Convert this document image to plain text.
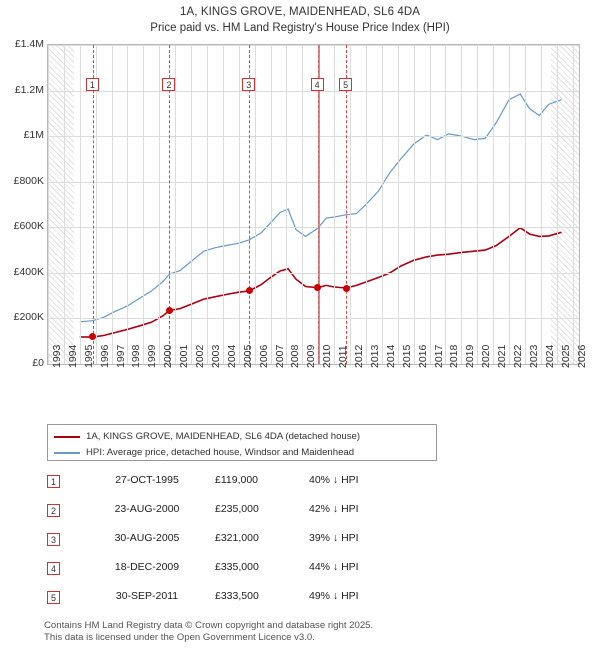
1A, KINGS GROVE, MAIDENHEAD, SL6 4DA
Price paid vs. HM Land Registry's House Price Index (HPI)
£0
£200K
£400K
£600K
£800K
£1M
£1.2M
£1.4M
1993 1994 1995 1996 1997 1998 1999 2000 2001 2002 2003 2004 2005 2006 2007 2008 2009 2010 2011 2012 2013 2014 2015 2016 2017 2018 2019 2020 2021 2022 2023 2024 2025 2026
1A, KINGS GROVE, MAIDENHEAD, SL6 4DA (detached house)
HPI: Average price, detached house, Windsor and Maidenhead
1	27-OCT-1995	£119,000	40% ↓ HPI
2	23-AUG-2000	£235,000	42% ↓ HPI
3	30-AUG-2005	£321,000	39% ↓ HPI
4	18-DEC-2009	£335,000	44% ↓ HPI
5	30-SEP-2011	£333,500	49% ↓ HPI
Contains HM Land Registry data © Crown copyright and database right 2025.
This data is licensed under the Open Government Licence v3.0.
1	2	3	4	5
